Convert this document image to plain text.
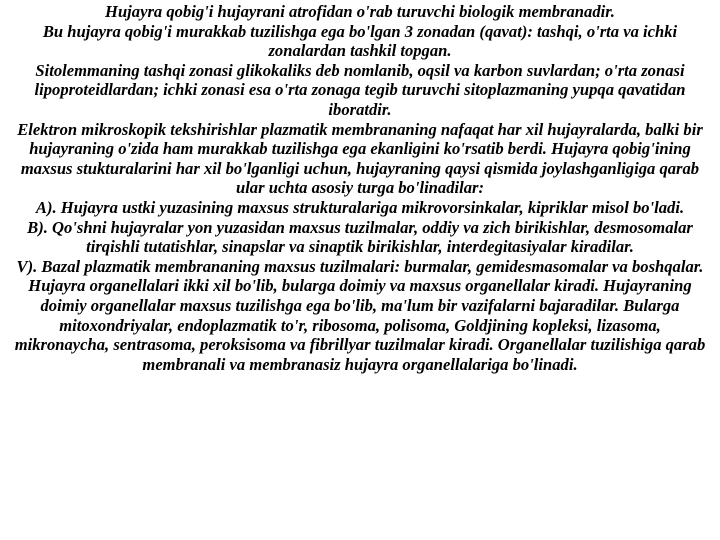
Hujayra qobig'i hujayrani atrofidan o'rab turuvchi biologik membranadir.

Bu hujayra qobig'i murakkab tuzilishga ega bo'lgan 3 zonadan (qavat): tashqi, o'rta va ichki zonalardan tashkil topgan.

Sitolemmaning tashqi zonasi glikokaliks deb nomlanib, oqsil va karbon suvlardan; o'rta zonasi lipoproteidlardan; ichki zonasi esa o'rta zonaga tegib turuvchi sitoplazmaning yupqa qavatidan iboratdir.

Elektron mikroskopik tekshirishlar plazmatik membrananing nafaqat har xil hujayralarda, balki bir hujayraning o'zida ham murakkab tuzilishga ega ekanligini ko'rsatib berdi. Hujayra qobig'ining maxsus stukturalarini har xil bo'lganligi uchun, hujayraning qaysi qismida joylashganligiga qarab ular uchta asosiy turga bo'linadilar:

A). Hujayra ustki yuzasining maxsus strukturalariga mikrovorsinkalar, kipriklar misol bo'ladi.

B). Qo'shni hujayralar yon yuzasidan maxsus tuzilmalar, oddiy va zich birikishlar, desmosomalar tirqishli tutatishlar, sinapslar va sinaptik birikishlar, interdegitasiyalar kiradilar.

V). Bazal plazmatik membrananing maxsus tuzilmalari: burmalar, gemidesmasomalar va boshqalar.

Hujayra organellalari ikki xil bo'lib, bularga doimiy va maxsus organellalar kiradi. Hujayraning doimiy organellalar maxsus tuzilishga ega bo'lib, ma'lum bir vazifalarni bajaradilar. Bularga mitoxondriyalar, endoplazmatik to'r, ribosoma, polisoma, Goldjining kopleksi, lizasoma, mikronaycha, sentrasoma, peroksisoma va fibrillyar tuzilmalar kiradi. Organellalar tuzilishiga qarab membranali va membranasiz hujayra organellalariga bo'linadi.
